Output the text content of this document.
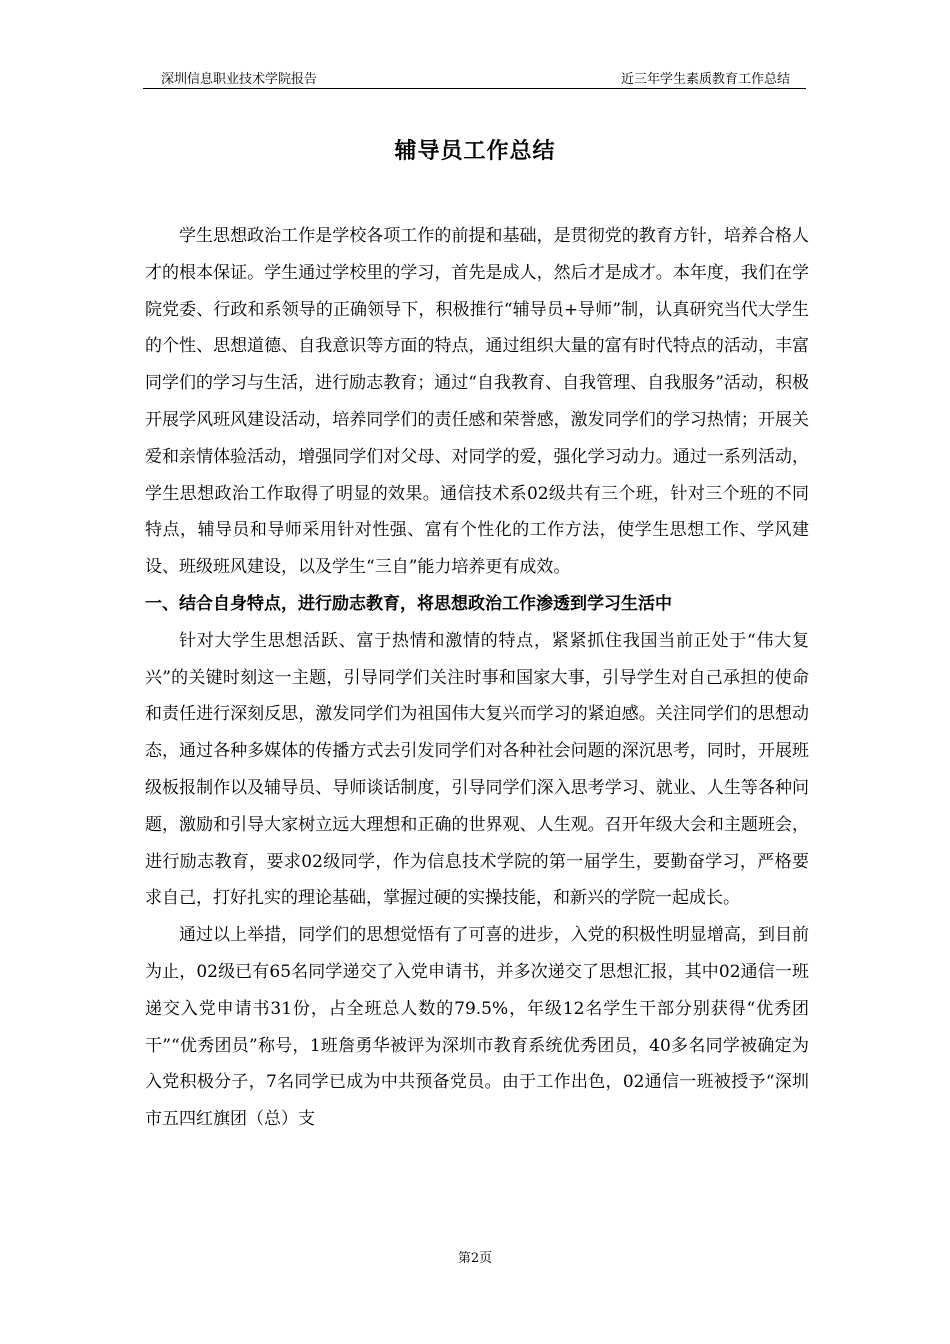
深圳信息职业技术学院报告	近三年学生素质教育工作总结
辅导员工作总结

学生思想政治工作是学校各项工作的前提和基础，是贯彻党的教育方针，培养合格人才的根本保证。学生通过学校里的学习，首先是成人，然后才是成才。本年度，我们在学院党委、行政和系领导的正确领导下，积极推行“辅导员+导师”制，认真研究当代大学生的个性、思想道德、自我意识等方面的特点，通过组织大量的富有时代特点的活动，丰富同学们的学习与生活，进行励志教育；通过“自我教育、自我管理、自我服务”活动，积极开展学风班风建设活动，培养同学们的责任感和荣誉感，激发同学们的学习热情；开展关爱和亲情体验活动，增强同学们对父母、对同学的爱，强化学习动力。通过一系列活动，学生思想政治工作取得了明显的效果。通信技术系02级共有三个班，针对三个班的不同特点，辅导员和导师采用针对性强、富有个性化的工作方法，使学生思想工作、学风建设、班级班风建设，以及学生“三自”能力培养更有成效。

一、结合自身特点，进行励志教育，将思想政治工作渗透到学习生活中

针对大学生思想活跃、富于热情和激情的特点，紧紧抓住我国当前正处于“伟大复兴”的关键时刻这一主题，引导同学们关注时事和国家大事，引导学生对自己承担的使命和责任进行深刻反思，激发同学们为祖国伟大复兴而学习的紧迫感。关注同学们的思想动态，通过各种多媒体的传播方式去引发同学们对各种社会问题的深沉思考，同时，开展班级板报制作以及辅导员、导师谈话制度，引导同学们深入思考学习、就业、人生等各种问题，激励和引导大家树立远大理想和正确的世界观、人生观。召开年级大会和主题班会，进行励志教育，要求02级同学，作为信息技术学院的第一届学生，要勤奋学习，严格要求自己，打好扎实的理论基础，掌握过硬的实操技能，和新兴的学院一起成长。

通过以上举措，同学们的思想觉悟有了可喜的进步，入党的积极性明显增高，到目前为止，02级已有65名同学递交了入党申请书，并多次递交了思想汇报，其中02通信一班递交入党申请书31份，占全班总人数的79.5%，年级12名学生干部分别获得“优秀团干”“优秀团员”称号，1班詹勇华被评为深圳市教育系统优秀团员，40多名同学被确定为入党积极分子，7名同学已成为中共预备党员。由于工作出色，02通信一班被授予“深圳市五四红旗团（总）支

第2页
